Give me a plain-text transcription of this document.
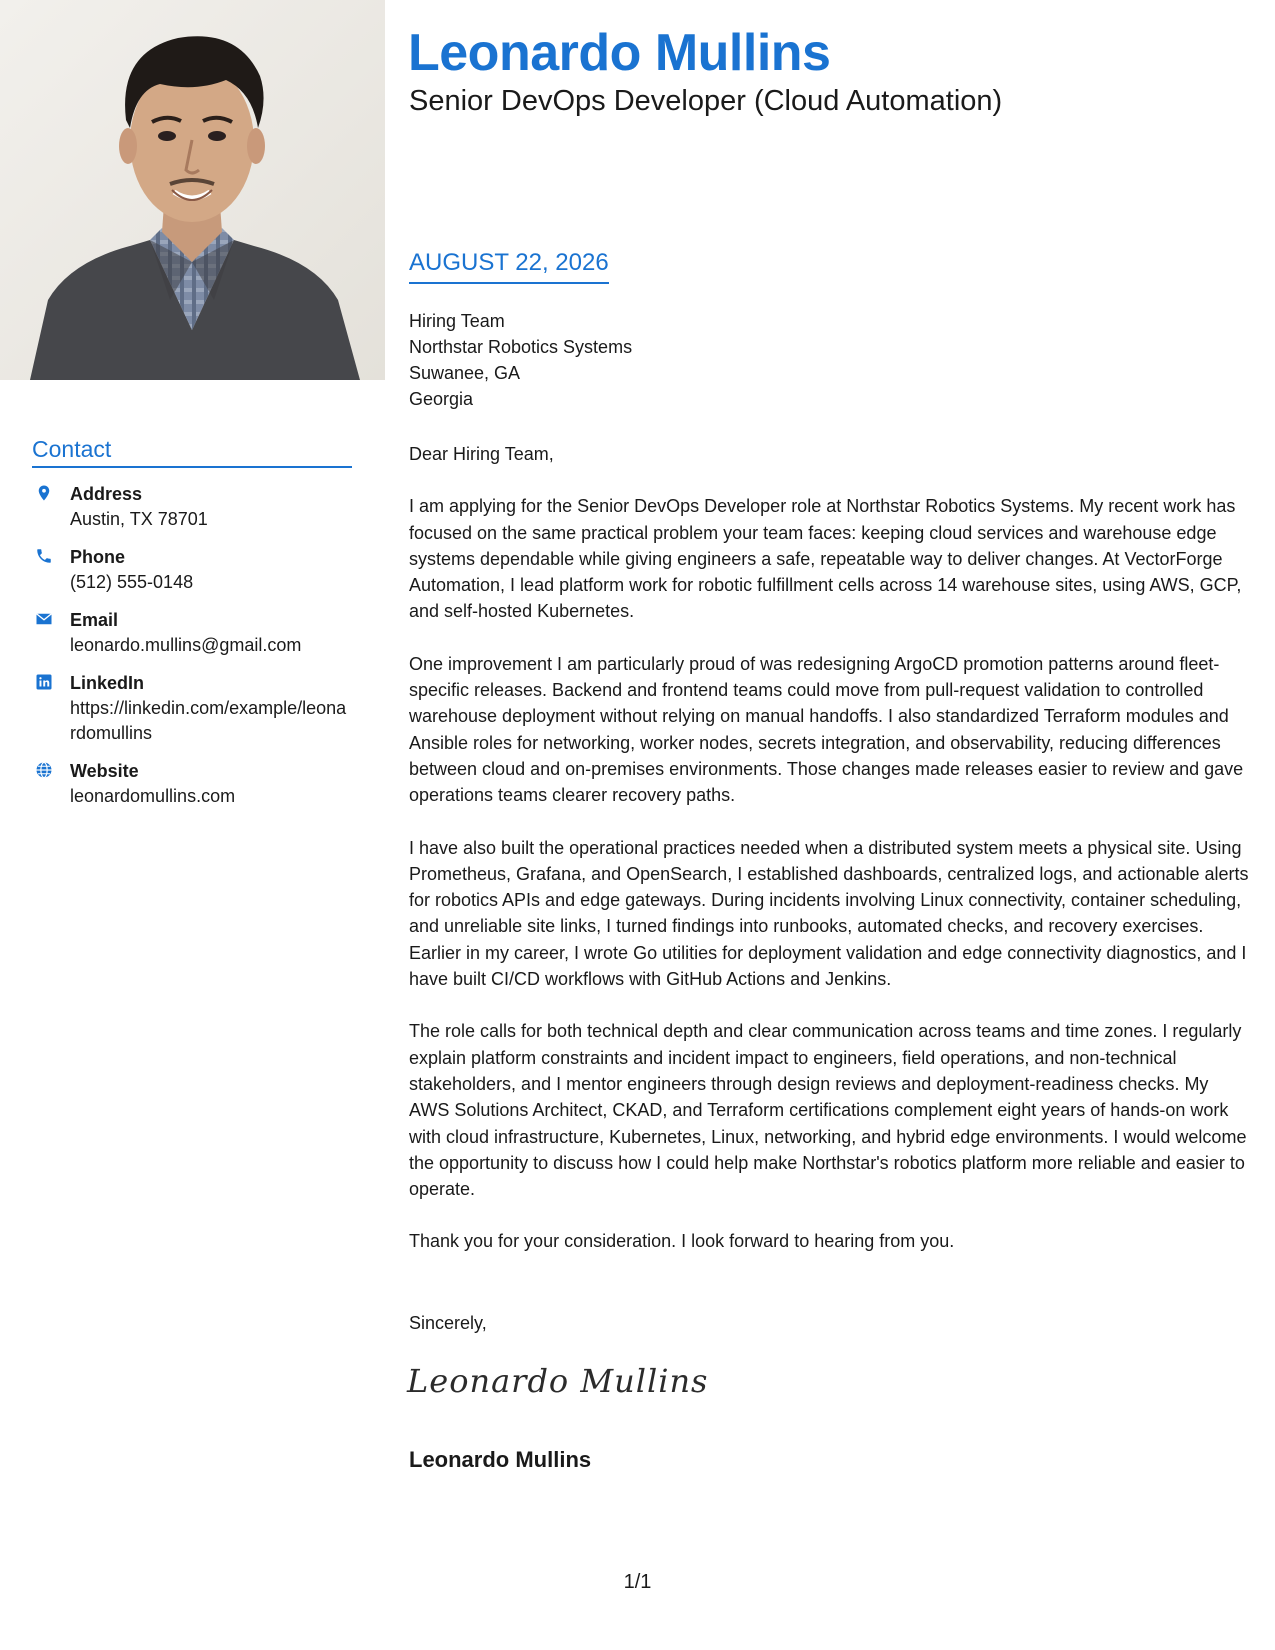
Contact
Address
Austin, TX 78701
Phone
(512) 555-0148
Email
leonardo.mullins@gmail.com
LinkedIn
https://linkedin.com/example/leonardomullins
Website
leonardomullins.com
Leonardo Mullins
Senior DevOps Developer (Cloud Automation)
AUGUST 22, 2026
Hiring Team
Northstar Robotics Systems
Suwanee, GA
Georgia

Dear Hiring Team,

I am applying for the Senior DevOps Developer role at Northstar Robotics Systems. My recent work has focused on the same practical problem your team faces: keeping cloud services and warehouse edge systems dependable while giving engineers a safe, repeatable way to deliver changes. At VectorForge Automation, I lead platform work for robotic fulfillment cells across 14 warehouse sites, using AWS, GCP, and self-hosted Kubernetes.

One improvement I am particularly proud of was redesigning ArgoCD promotion patterns around fleet-specific releases. Backend and frontend teams could move from pull-request validation to controlled warehouse deployment without relying on manual handoffs. I also standardized Terraform modules and Ansible roles for networking, worker nodes, secrets integration, and observability, reducing differences between cloud and on-premises environments. Those changes made releases easier to review and gave operations teams clearer recovery paths.

I have also built the operational practices needed when a distributed system meets a physical site. Using Prometheus, Grafana, and OpenSearch, I established dashboards, centralized logs, and actionable alerts for robotics APIs and edge gateways. During incidents involving Linux connectivity, container scheduling, and unreliable site links, I turned findings into runbooks, automated checks, and recovery exercises. Earlier in my career, I wrote Go utilities for deployment validation and edge connectivity diagnostics, and I have built CI/CD workflows with GitHub Actions and Jenkins.

The role calls for both technical depth and clear communication across teams and time zones. I regularly explain platform constraints and incident impact to engineers, field operations, and non-technical stakeholders, and I mentor engineers through design reviews and deployment-readiness checks. My AWS Solutions Architect, CKAD, and Terraform certifications complement eight years of hands-on work with cloud infrastructure, Kubernetes, Linux, networking, and hybrid edge environments. I would welcome the opportunity to discuss how I could help make Northstar's robotics platform more reliable and easier to operate.

Thank you for your consideration. I look forward to hearing from you.

Sincerely,
Leonardo Mullins
Leonardo Mullins
1/1
